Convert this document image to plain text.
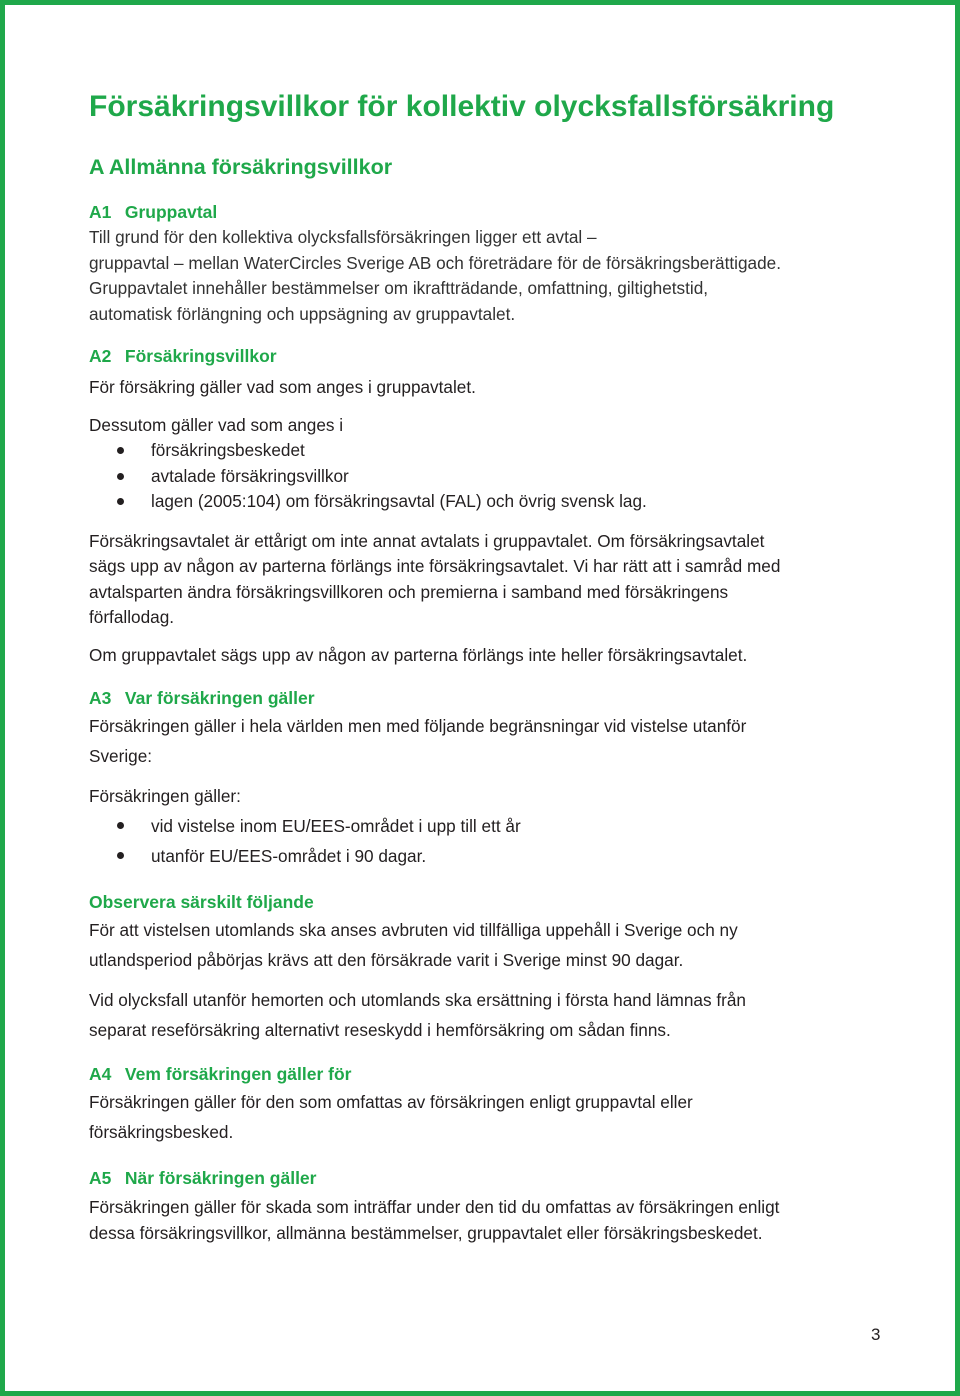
Försäkringsvillkor för kollektiv olycksfallsförsäkring
A Allmänna försäkringsvillkor
A1 Gruppavtal
Till grund för den kollektiva olycksfallsförsäkringen ligger ett avtal –
gruppavtal – mellan WaterCircles Sverige AB och företrädare för de försäkringsberättigade.
Gruppavtalet innehåller bestämmelser om ikraftträdande, omfattning, giltighetstid,
automatisk förlängning och uppsägning av gruppavtalet.
A2 Försäkringsvillkor
För försäkring gäller vad som anges i gruppavtalet.
Dessutom gäller vad som anges i
försäkringsbeskedet
avtalade försäkringsvillkor
lagen (2005:104) om försäkringsavtal (FAL) och övrig svensk lag.
Försäkringsavtalet är ettårigt om inte annat avtalats i gruppavtalet. Om försäkringsavtalet
sägs upp av någon av parterna förlängs inte försäkringsavtalet. Vi har rätt att i samråd med
avtalsparten ändra försäkringsvillkoren och premierna i samband med försäkringens
förfallodag.
Om gruppavtalet sägs upp av någon av parterna förlängs inte heller försäkringsavtalet.
A3 Var försäkringen gäller
Försäkringen gäller i hela världen men med följande begränsningar vid vistelse utanför
Sverige:
Försäkringen gäller:
vid vistelse inom EU/EES-området i upp till ett år
utanför EU/EES-området i 90 dagar.
Observera särskilt följande
För att vistelsen utomlands ska anses avbruten vid tillfälliga uppehåll i Sverige och ny
utlandsperiod påbörjas krävs att den försäkrade varit i Sverige minst 90 dagar.
Vid olycksfall utanför hemorten och utomlands ska ersättning i första hand lämnas från
separat reseförsäkring alternativt reseskydd i hemförsäkring om sådan finns.
A4 Vem försäkringen gäller för
Försäkringen gäller för den som omfattas av försäkringen enligt gruppavtal eller
försäkringsbesked.
A5 När försäkringen gäller
Försäkringen gäller för skada som inträffar under den tid du omfattas av försäkringen enligt
dessa försäkringsvillkor, allmänna bestämmelser, gruppavtalet eller försäkringsbeskedet.
3
